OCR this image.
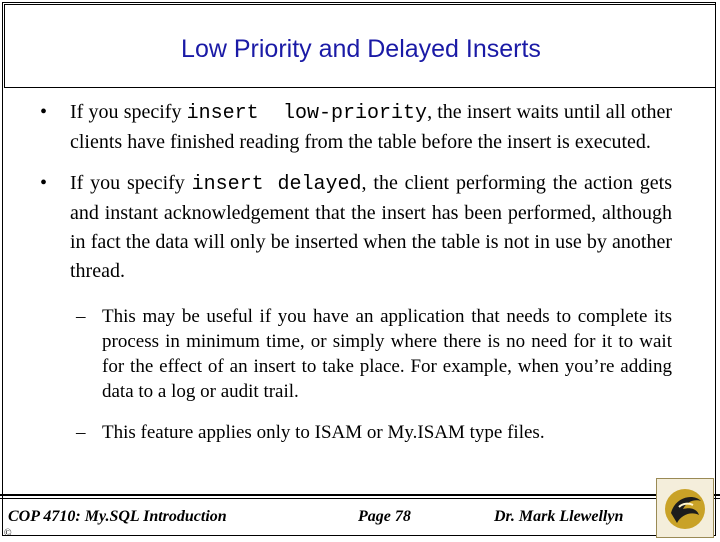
Low Priority and Delayed Inserts
• If you specify insert  low-priority, the insert waits until all other clients have finished reading from the table before the insert is executed.
• If you specify insert delayed, the client performing the action gets and instant acknowledgement that the insert has been performed, although in fact the data will only be inserted when the table is not in use by another thread.
– This may be useful if you have an application that needs to complete its process in minimum time, or simply where there is no need for it to wait for the effect of an insert to take place. For example, when you’re adding data to a log or audit trail.
– This feature applies only to ISAM or My.ISAM type files.
COP 4710: My.SQL Introduction	Page 78	Dr. Mark Llewellyn
©
